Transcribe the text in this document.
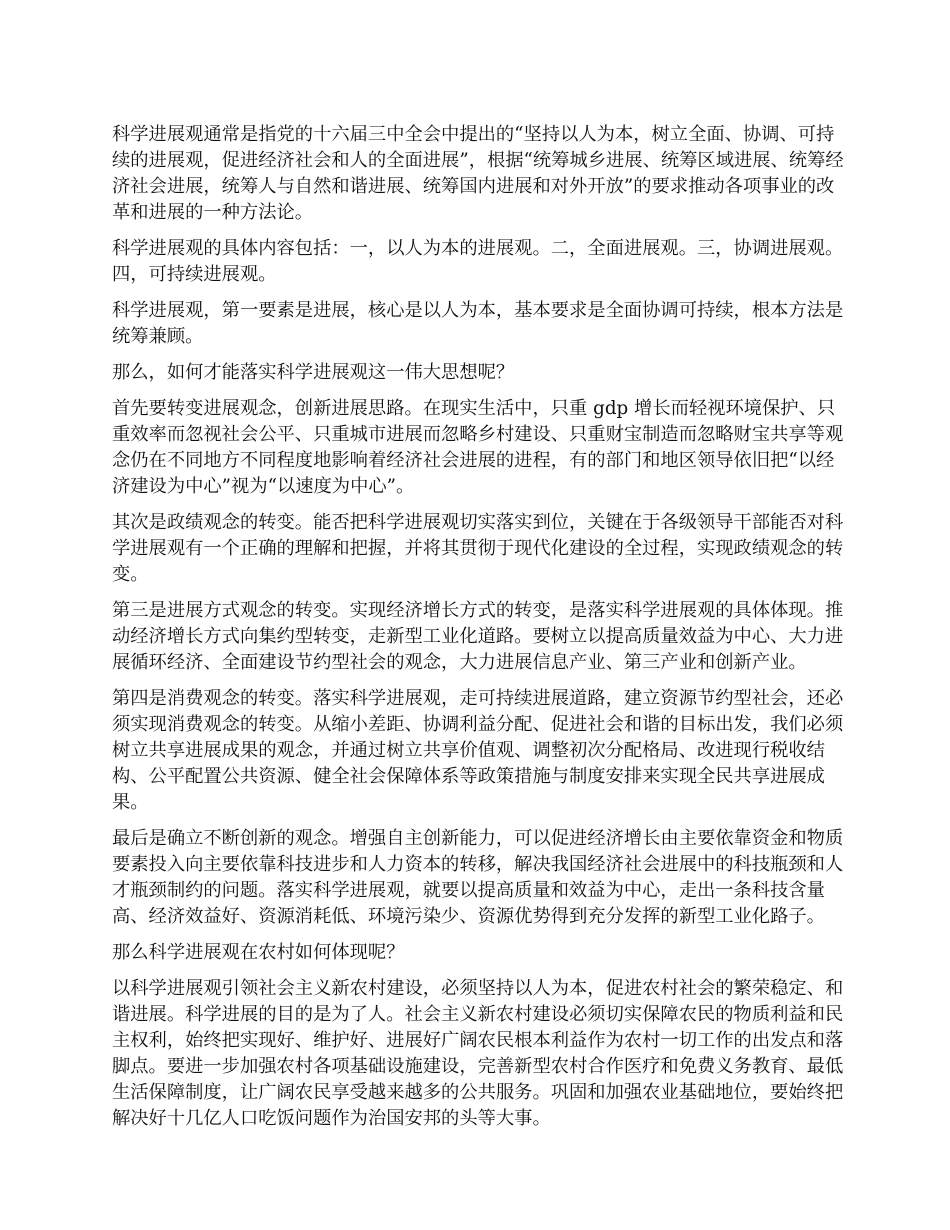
科学进展观通常是指党的十六届三中全会中提出的“坚持以人为本，树立全面、协调、可持续的进展观，促进经济社会和人的全面进展”，根据“统筹城乡进展、统筹区域进展、统筹经济社会进展，统筹人与自然和谐进展、统筹国内进展和对外开放”的要求推动各项事业的改革和进展的一种方法论。

科学进展观的具体内容包括：一，以人为本的进展观。二，全面进展观。三，协调进展观。四，可持续进展观。

科学进展观，第一要素是进展，核心是以人为本，基本要求是全面协调可持续，根本方法是统筹兼顾。

那么，如何才能落实科学进展观这一伟大思想呢？

首先要转变进展观念，创新进展思路。在现实生活中，只重 gdp 增长而轻视环境保护、只重效率而忽视社会公平、只重城市进展而忽略乡村建设、只重财宝制造而忽略财宝共享等观念仍在不同地方不同程度地影响着经济社会进展的进程，有的部门和地区领导依旧把“以经济建设为中心”视为“以速度为中心”。

其次是政绩观念的转变。能否把科学进展观切实落实到位，关键在于各级领导干部能否对科学进展观有一个正确的理解和把握，并将其贯彻于现代化建设的全过程，实现政绩观念的转变。

第三是进展方式观念的转变。实现经济增长方式的转变，是落实科学进展观的具体体现。推动经济增长方式向集约型转变，走新型工业化道路。要树立以提高质量效益为中心、大力进展循环经济、全面建设节约型社会的观念，大力进展信息产业、第三产业和创新产业。

第四是消费观念的转变。落实科学进展观，走可持续进展道路，建立资源节约型社会，还必须实现消费观念的转变。从缩小差距、协调利益分配、促进社会和谐的目标出发，我们必须树立共享进展成果的观念，并通过树立共享价值观、调整初次分配格局、改进现行税收结构、公平配置公共资源、健全社会保障体系等政策措施与制度安排来实现全民共享进展成果。

最后是确立不断创新的观念。增强自主创新能力，可以促进经济增长由主要依靠资金和物质要素投入向主要依靠科技进步和人力资本的转移，解决我国经济社会进展中的科技瓶颈和人才瓶颈制约的问题。落实科学进展观，就要以提高质量和效益为中心，走出一条科技含量高、经济效益好、资源消耗低、环境污染少、资源优势得到充分发挥的新型工业化路子。

那么科学进展观在农村如何体现呢？

以科学进展观引领社会主义新农村建设，必须坚持以人为本，促进农村社会的繁荣稳定、和谐进展。科学进展的目的是为了人。社会主义新农村建设必须切实保障农民的物质利益和民主权利，始终把实现好、维护好、进展好广阔农民根本利益作为农村一切工作的出发点和落脚点。要进一步加强农村各项基础设施建设，完善新型农村合作医疗和免费义务教育、最低生活保障制度，让广阔农民享受越来越多的公共服务。巩固和加强农业基础地位，要始终把解决好十几亿人口吃饭问题作为治国安邦的头等大事。
